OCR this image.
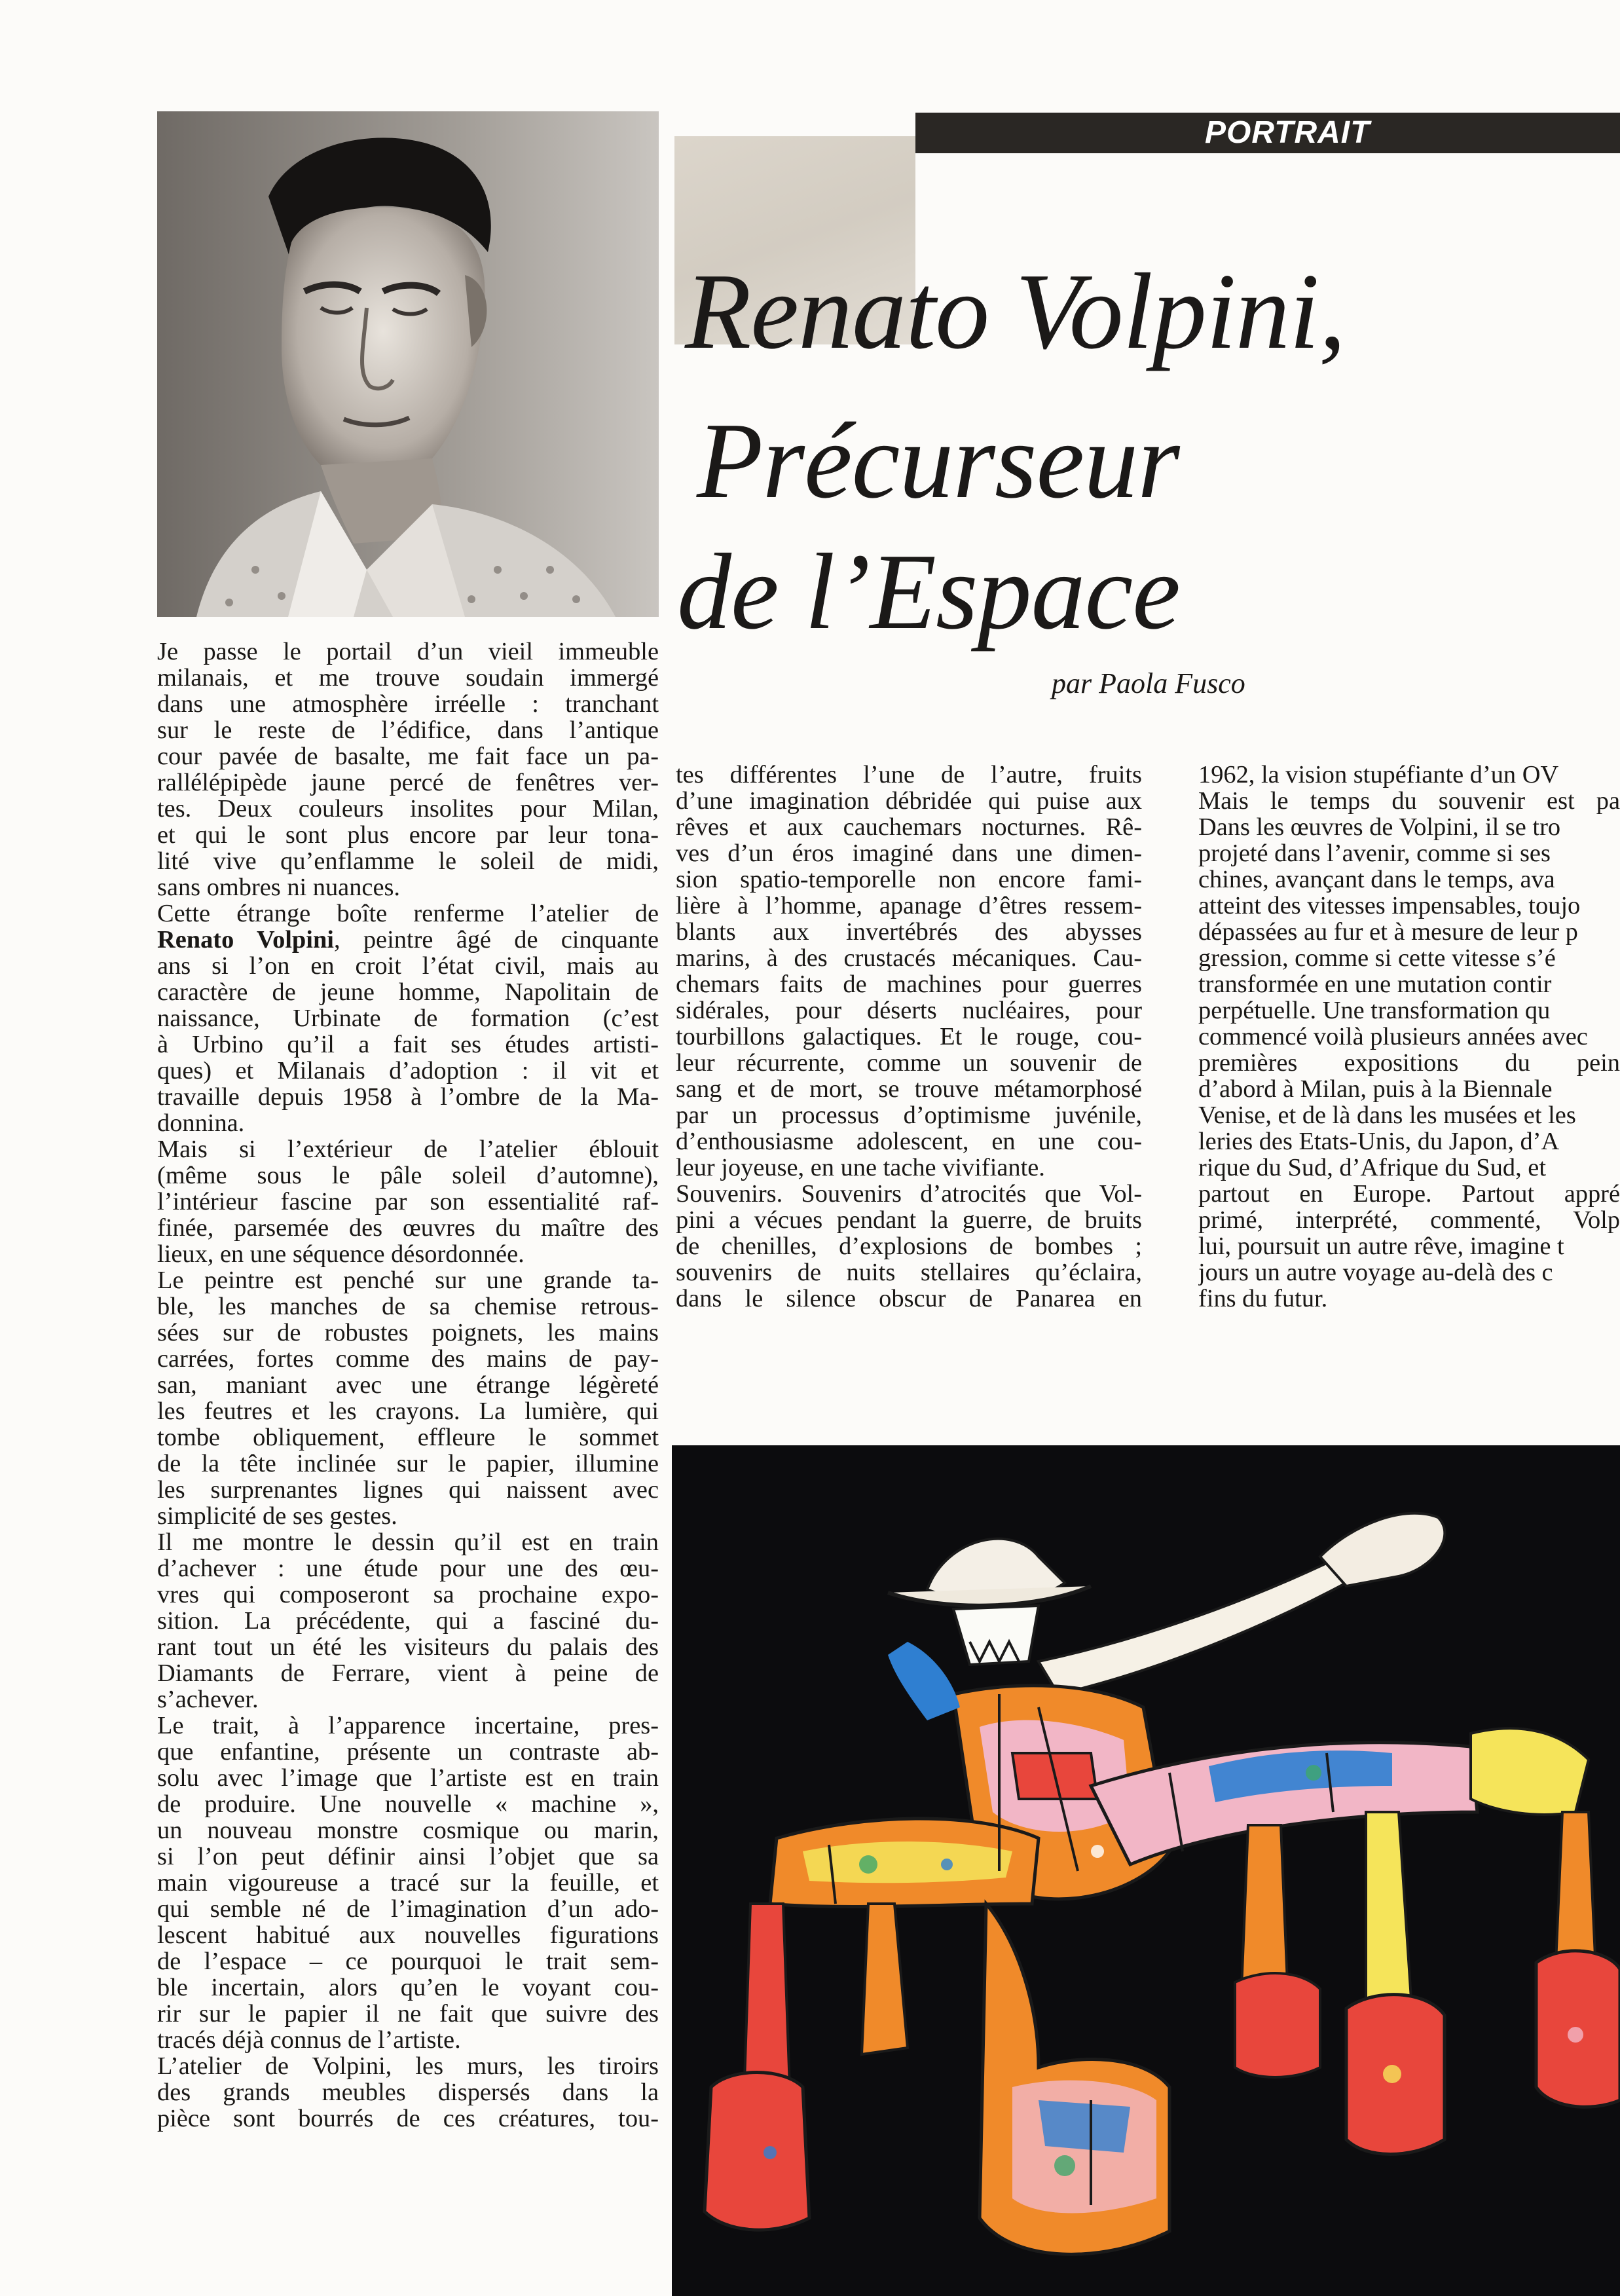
PORTRAIT
Renato Volpini,
Précurseur
de l’Espace
par Paola Fusco
Je passe le portail d’un vieil immeuble
milanais, et me trouve soudain immergé
dans une atmosphère irréelle : tranchant
sur le reste de l’édifice, dans l’antique
cour pavée de basalte, me fait face un pa-
rallélépipède jaune percé de fenêtres ver-
tes. Deux couleurs insolites pour Milan,
et qui le sont plus encore par leur tona-
lité vive qu’enflamme le soleil de midi,
sans ombres ni nuances.
Cette étrange boîte renferme l’atelier de
Renato Volpini, peintre âgé de cinquante
ans si l’on en croit l’état civil, mais au
caractère de jeune homme, Napolitain de
naissance, Urbinate de formation (c’est
à Urbino qu’il a fait ses études artisti-
ques) et Milanais d’adoption : il vit et
travaille depuis 1958 à l’ombre de la Ma-
donnina.
Mais si l’extérieur de l’atelier éblouit
(même sous le pâle soleil d’automne),
l’intérieur fascine par son essentialité raf-
finée, parsemée des œuvres du maître des
lieux, en une séquence désordonnée.
Le peintre est penché sur une grande ta-
ble, les manches de sa chemise retrous-
sées sur de robustes poignets, les mains
carrées, fortes comme des mains de pay-
san, maniant avec une étrange légèreté
les feutres et les crayons. La lumière, qui
tombe obliquement, effleure le sommet
de la tête inclinée sur le papier, illumine
les surprenantes lignes qui naissent avec
simplicité de ses gestes.
Il me montre le dessin qu’il est en train
d’achever : une étude pour une des œu-
vres qui composeront sa prochaine expo-
sition. La précédente, qui a fasciné du-
rant tout un été les visiteurs du palais des
Diamants de Ferrare, vient à peine de
s’achever.
Le trait, à l’apparence incertaine, pres-
que enfantine, présente un contraste ab-
solu avec l’image que l’artiste est en train
de produire. Une nouvelle « machine »,
un nouveau monstre cosmique ou marin,
si l’on peut définir ainsi l’objet que sa
main vigoureuse a tracé sur la feuille, et
qui semble né de l’imagination d’un ado-
lescent habitué aux nouvelles figurations
de l’espace – ce pourquoi le trait sem-
ble incertain, alors qu’en le voyant cou-
rir sur le papier il ne fait que suivre des
tracés déjà connus de l’artiste.
L’atelier de Volpini, les murs, les tiroirs
des grands meubles dispersés dans la
pièce sont bourrés de ces créatures, tou-
tes différentes l’une de l’autre, fruits
d’une imagination débridée qui puise aux
rêves et aux cauchemars nocturnes. Rê-
ves d’un éros imaginé dans une dimen-
sion spatio-temporelle non encore fami-
lière à l’homme, apanage d’êtres ressem-
blants aux invertébrés des abysses
marins, à des crustacés mécaniques. Cau-
chemars faits de machines pour guerres
sidérales, pour déserts nucléaires, pour
tourbillons galactiques. Et le rouge, cou-
leur récurrente, comme un souvenir de
sang et de mort, se trouve métamorphosé
par un processus d’optimisme juvénile,
d’enthousiasme adolescent, en une cou-
leur joyeuse, en une tache vivifiante.
Souvenirs. Souvenirs d’atrocités que Vol-
pini a vécues pendant la guerre, de bruits
de chenilles, d’explosions de bombes ;
souvenirs de nuits stellaires qu’éclaira,
dans le silence obscur de Panarea en
1962, la vision stupéfiante d’un OV
Mais le temps du souvenir est pa
Dans les œuvres de Volpini, il se tro
projeté dans l’avenir, comme si ses
chines, avançant dans le temps, ava
atteint des vitesses impensables, toujo
dépassées au fur et à mesure de leur p
gression, comme si cette vitesse s’é
transformée en une mutation contir
perpétuelle. Une transformation qu
commencé voilà plusieurs années avec
premières expositions du pein
d’abord à Milan, puis à la Biennale
Venise, et de là dans les musées et les
leries des Etats-Unis, du Japon, d’A
rique du Sud, d’Afrique du Sud, et
partout en Europe. Partout appré
primé, interprété, commenté, Volp
lui, poursuit un autre rêve, imagine t
jours un autre voyage au-delà des c
fins du futur.
